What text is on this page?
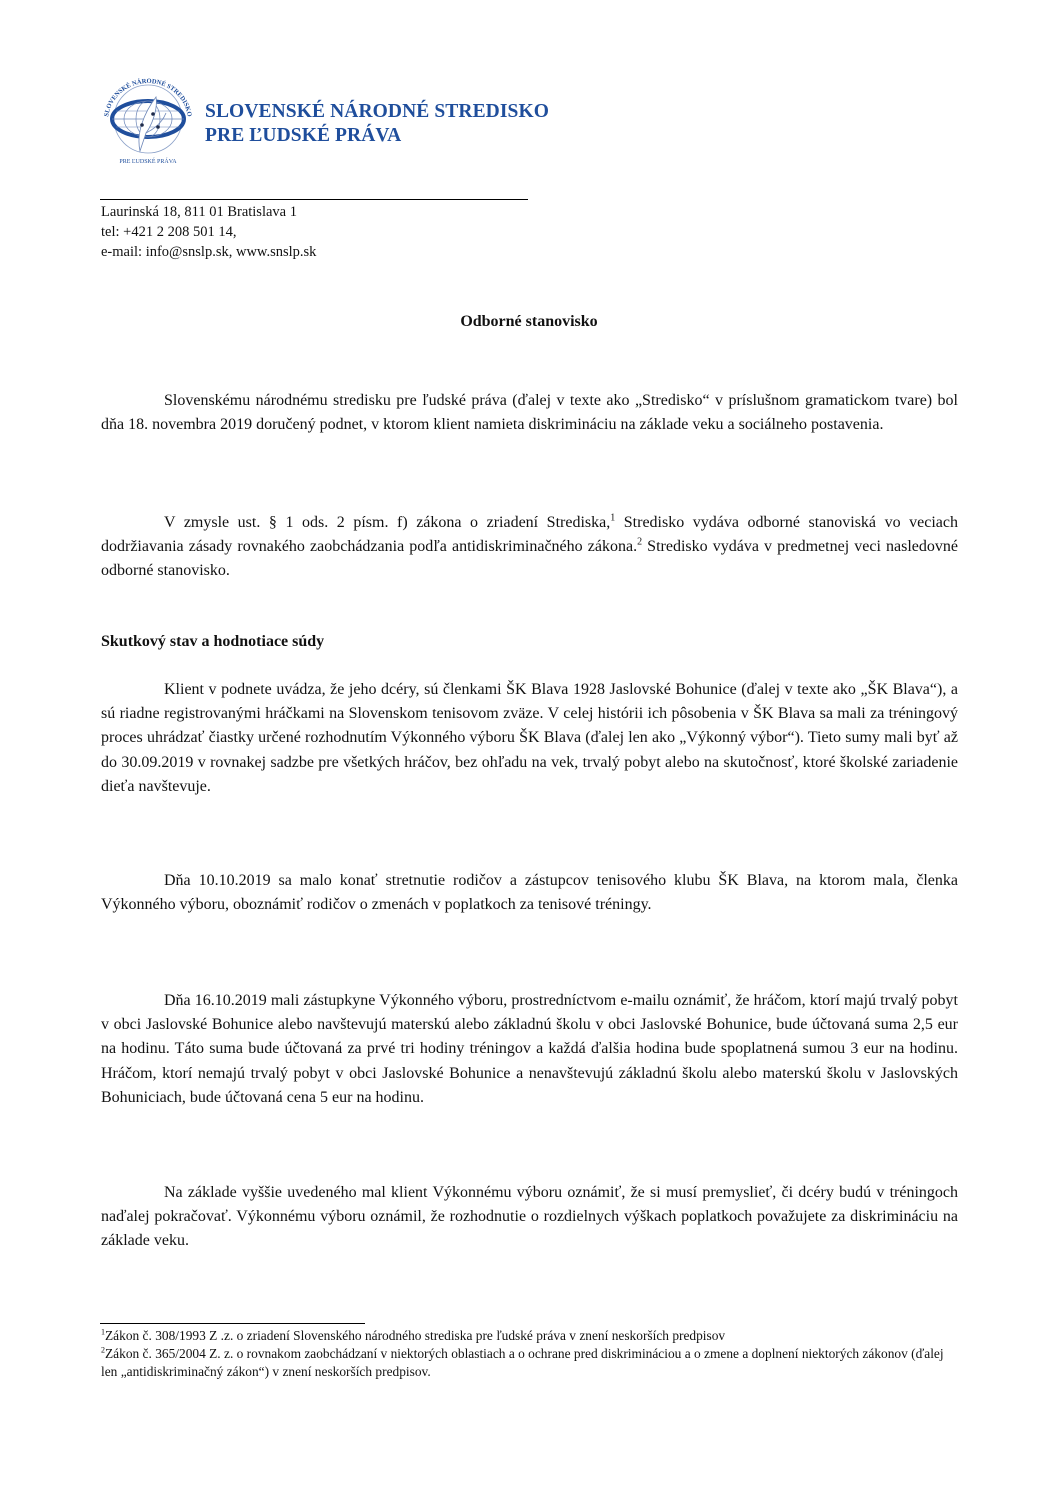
SLOVENSKÉ NÁRODNÉ STREDISKO
PRE ĽUDSKÉ PRÁVA
SLOVENSKÉ NÁRODNÉ STREDISKO
PRE ĽUDSKÉ PRÁVA
Laurinská 18, 811 01 Bratislava 1
tel: +421 2 208 501 14,
e-mail: info@snslp.sk, www.snslp.sk
Odborné stanovisko

Slovenskému národnému stredisku pre ľudské práva (ďalej v texte ako „Stredisko“ v príslušnom gramatickom tvare) bol dňa 18. novembra 2019 doručený podnet, v ktorom klient namieta diskrimináciu na základe veku a sociálneho postavenia.

V zmysle ust. § 1 ods. 2 písm. f) zákona o zriadení Strediska,$^1$ Stredisko vydáva odborné stanoviská vo veciach dodržiavania zásady rovnakého zaobchádzania podľa antidiskriminačného zákona.$^2$ Stredisko vydáva v predmetnej veci nasledovné odborné stanovisko.

Skutkový stav a hodnotiace súdy

Klient v podnete uvádza, že jeho dcéry, sú členkami ŠK Blava 1928 Jaslovské Bohunice (ďalej v texte ako „ŠK Blava“), a sú riadne registrovanými hráčkami na Slovenskom tenisovom zväze. V celej histórii ich pôsobenia v ŠK Blava sa mali za tréningový proces uhrádzať čiastky určené rozhodnutím Výkonného výboru ŠK Blava (ďalej len ako „Výkonný výbor“). Tieto sumy mali byť až do 30.09.2019 v rovnakej sadzbe pre všetkých hráčov, bez ohľadu na vek, trvalý pobyt alebo na skutočnosť, ktoré školské zariadenie dieťa navštevuje.

Dňa 10.10.2019 sa malo konať stretnutie rodičov a zástupcov tenisového klubu ŠK Blava, na ktorom mala, členka Výkonného výboru, oboznámiť rodičov o zmenách v poplatkoch za tenisové tréningy.

Dňa 16.10.2019 mali zástupkyne Výkonného výboru, prostredníctvom e-mailu oznámiť, že hráčom, ktorí majú trvalý pobyt v obci Jaslovské Bohunice alebo navštevujú materskú alebo základnú školu v obci Jaslovské Bohunice, bude účtovaná suma 2,5 eur na hodinu. Táto suma bude účtovaná za prvé tri hodiny tréningov a každá ďalšia hodina bude spoplatnená sumou 3 eur na hodinu. Hráčom, ktorí nemajú trvalý pobyt v obci Jaslovské Bohunice a nenavštevujú základnú školu alebo materskú školu v Jaslovských Bohuniciach, bude účtovaná cena 5 eur na hodinu.

Na základe vyššie uvedeného mal klient Výkonnému výboru oznámiť, že si musí premyslieť, či dcéry budú v tréningoch naďalej pokračovať. Výkonnému výboru oznámil, že rozhodnutie o rozdielnych výškach poplatkoch považujete za diskrimináciu na základe veku.

$^1$Zákon č. 308/1993 Z .z. o zriadení Slovenského národného strediska pre ľudské práva v znení neskorších predpisov
$^2$Zákon č. 365/2004 Z. z. o rovnakom zaobchádzaní v niektorých oblastiach a o ochrane pred diskrimináciou a o zmene a doplnení niektorých zákonov (ďalej len „antidiskriminačný zákon“) v znení neskorších predpisov.
